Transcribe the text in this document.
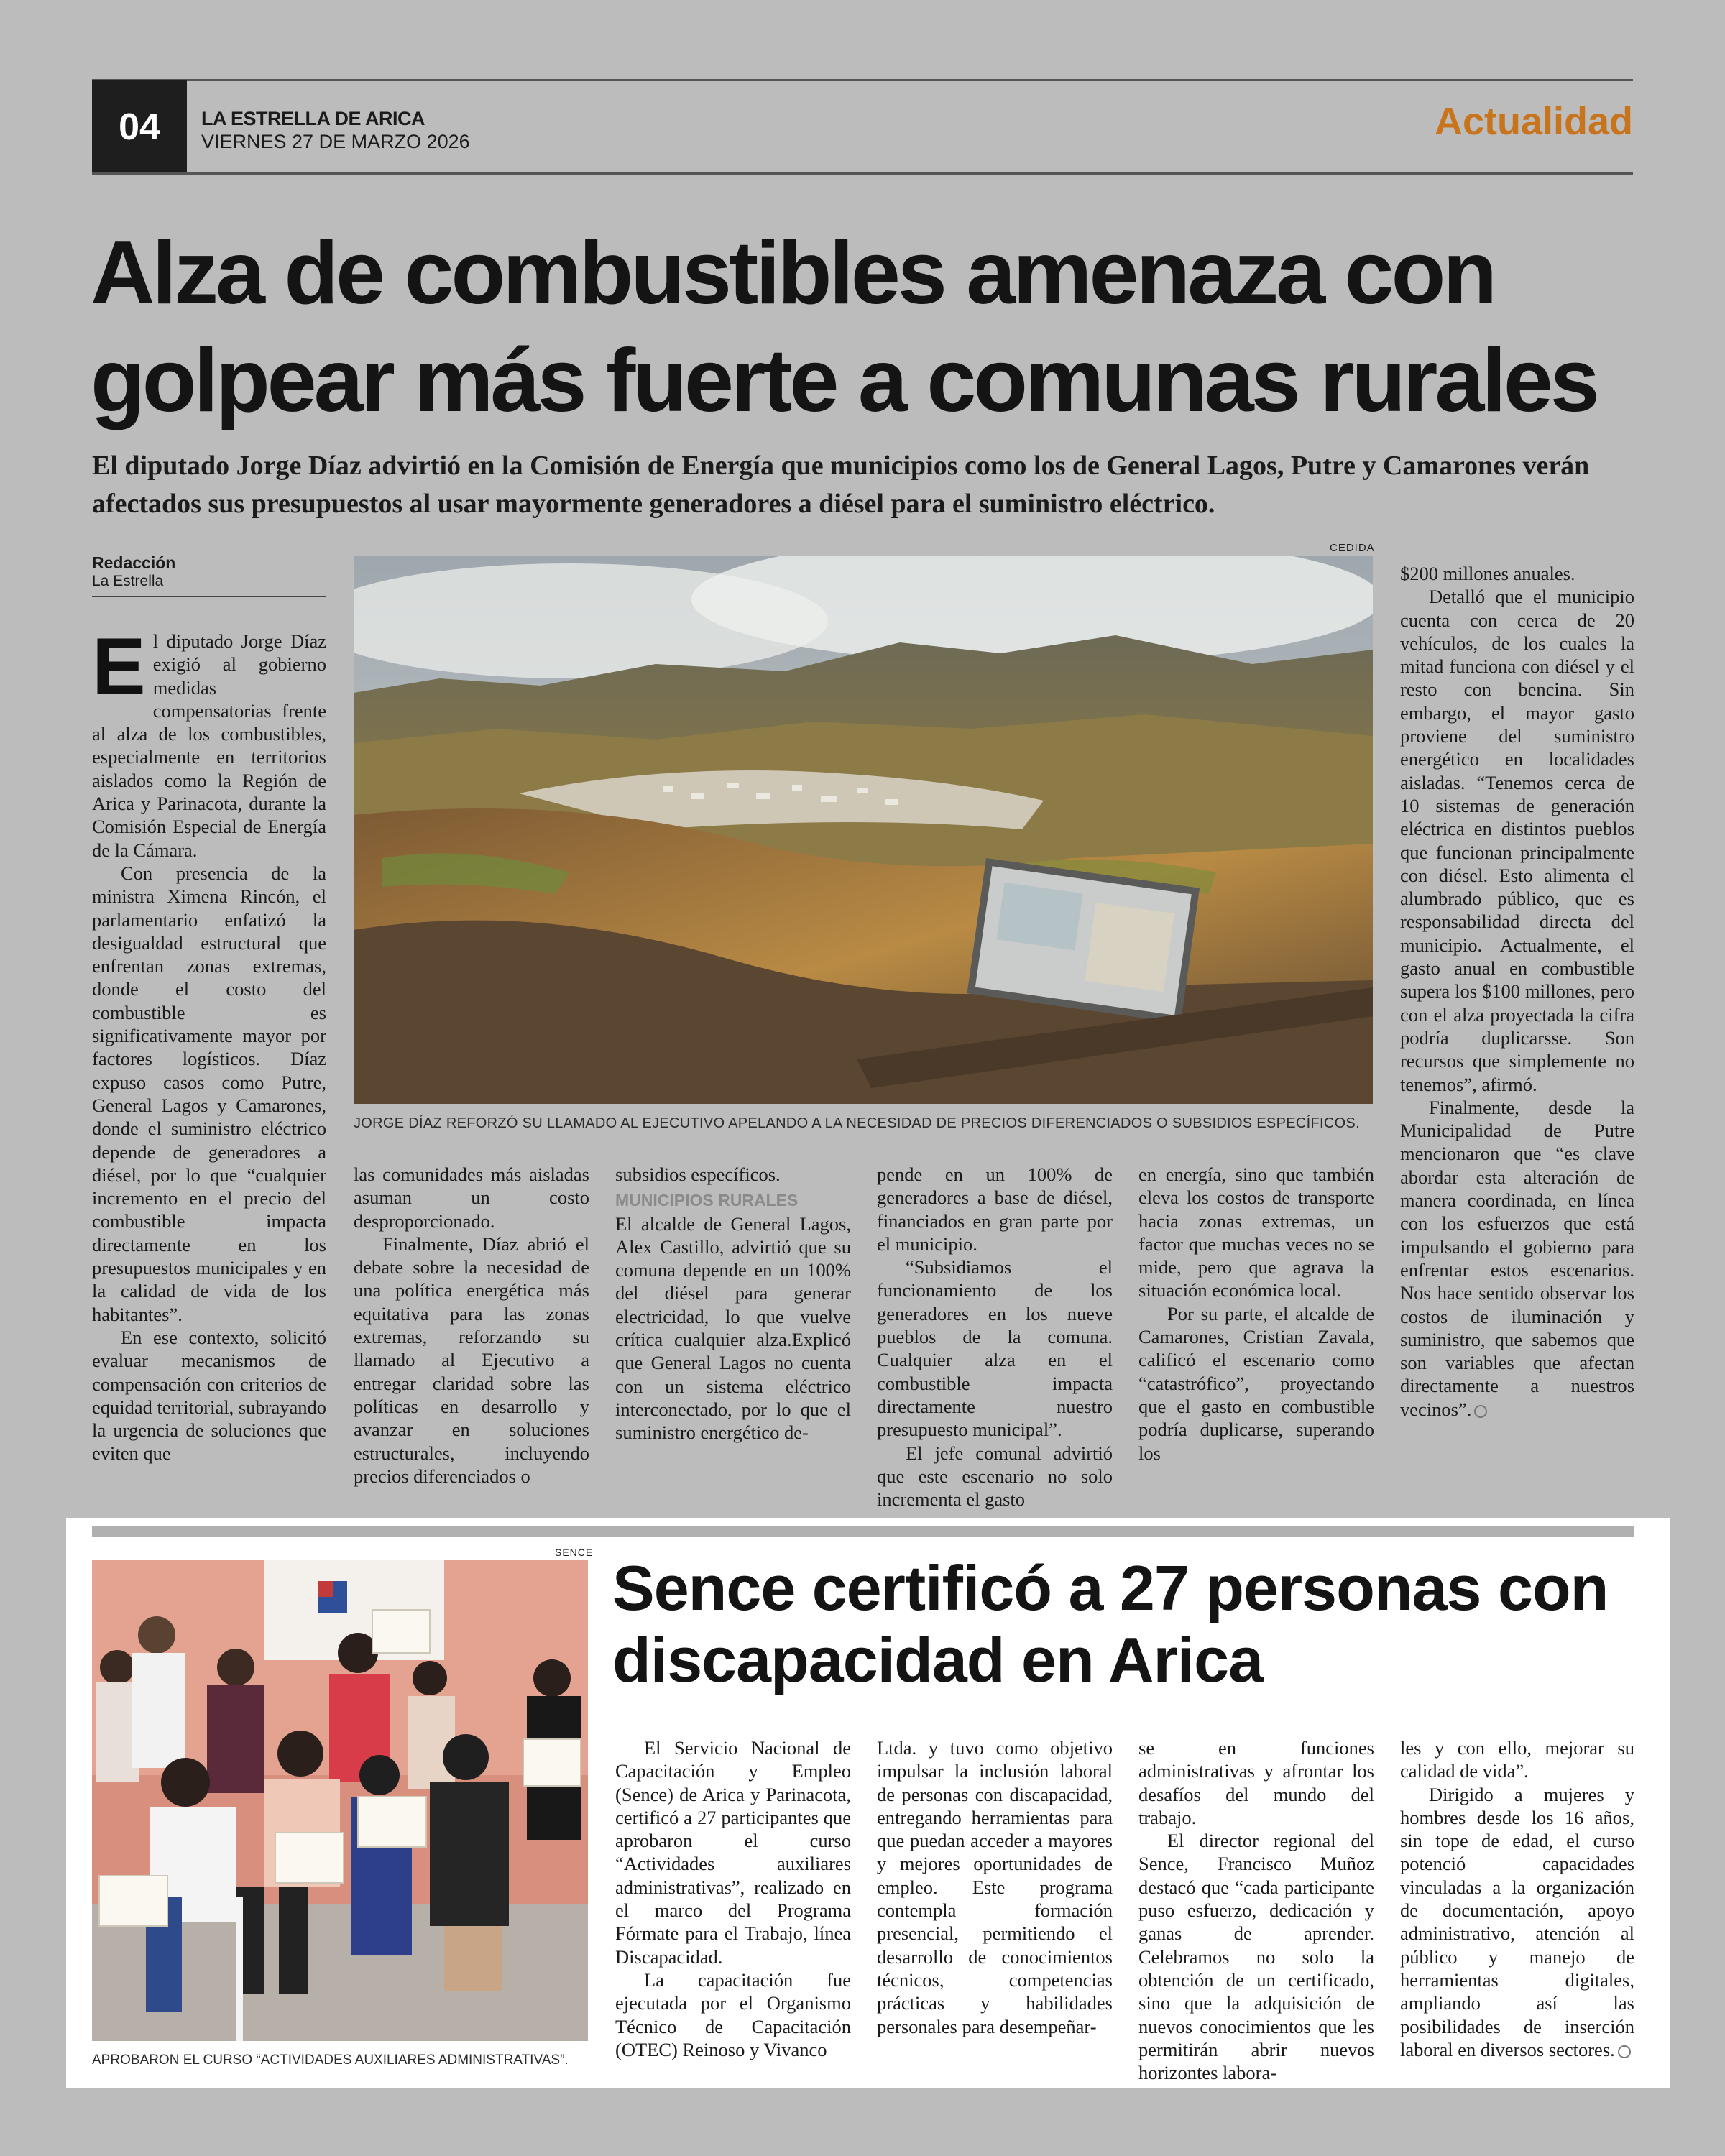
04	LA ESTRELLA DE ARICA
VIERNES 27 DE MARZO 2026	Actualidad
Alza de combustibles amenaza con
golpear más fuerte a comunas rurales

El diputado Jorge Díaz advirtió en la Comisión de Energía que municipios como los de General Lagos, Putre y Camarones verán afectados sus presupuestos al usar mayormente generadores a diésel para el suministro eléctrico.

Redacción
La Estrella
CEDIDA
JORGE DÍAZ REFORZÓ SU LLAMADO AL EJECUTIVO APELANDO A LA NECESIDAD DE PRECIOS DIFERENCIADOS O SUBSIDIOS ESPECÍFICOS.

El diputado Jorge Díaz exigió al gobierno medidas compensatorias frente al alza de los combustibles, especialmente en territorios aislados como la Región de Arica y Parinacota, durante la Comisión Especial de Energía de la Cámara.

Con presencia de la ministra Ximena Rincón, el parlamentario enfatizó la desigualdad estructural que enfrentan zonas extremas, donde el costo del combustible es significativamente mayor por factores logísticos. Díaz expuso casos como Putre, General Lagos y Camarones, donde el suministro eléctrico depende de generadores a diésel, por lo que “cualquier incremento en el precio del combustible impacta directamente en los presupuestos municipales y en la calidad de vida de los habitantes”.

En ese contexto, solicitó evaluar mecanismos de compensación con criterios de equidad territorial, subrayando la urgencia de soluciones que eviten que

las comunidades más aisladas asuman un costo desproporcionado.

Finalmente, Díaz abrió el debate sobre la necesidad de una política energética más equitativa para las zonas extremas, reforzando su llamado al Ejecutivo a entregar claridad sobre las políticas en desarrollo y avanzar en soluciones estructurales, incluyendo precios diferenciados o

subsidios específicos.

MUNICIPIOS RURALES

El alcalde de General Lagos, Alex Castillo, advirtió que su comuna depende en un 100% del diésel para generar electricidad, lo que vuelve crítica cualquier alza.Explicó que General Lagos no cuenta con un sistema eléctrico interconectado, por lo que el suministro energético de-

pende en un 100% de generadores a base de diésel, financiados en gran parte por el municipio.

“Subsidiamos el funcionamiento de los generadores en los nueve pueblos de la comuna. Cualquier alza en el combustible impacta directamente nuestro presupuesto municipal”.

El jefe comunal advirtió que este escenario no solo incrementa el gasto

en energía, sino que también eleva los costos de transporte hacia zonas extremas, un factor que muchas veces no se mide, pero que agrava la situación económica local.

Por su parte, el alcalde de Camarones, Cristian Zavala, calificó el escenario como “catastrófico”, proyectando que el gasto en combustible podría duplicarse, superando los

$200 millones anuales.

Detalló que el municipio cuenta con cerca de 20 vehículos, de los cuales la mitad funciona con diésel y el resto con bencina. Sin embargo, el mayor gasto proviene del suministro energético en localidades aisladas. “Tenemos cerca de 10 sistemas de generación eléctrica en distintos pueblos que funcionan principalmente con diésel. Esto alimenta el alumbrado público, que es responsabilidad directa del municipio. Actualmente, el gasto anual en combustible supera los $100 millones, pero con el alza proyectada la cifra podría duplicarsse. Son recursos que simplemente no tenemos”, afirmó.

Finalmente, desde la Municipalidad de Putre mencionaron que “es clave abordar esta alteración de manera coordinada, en línea con los esfuerzos que está impulsando el gobierno para enfrentar estos escenarios. Nos hace sentido observar los costos de iluminación y suministro, que sabemos que son variables que afectan directamente a nuestros vecinos”.

SENCE
APROBARON EL CURSO “ACTIVIDADES AUXILIARES ADMINISTRATIVAS”.
Sence certificó a 27 personas con
discapacidad en Arica

El Servicio Nacional de Capacitación y Empleo (Sence) de Arica y Parinacota, certificó a 27 participantes que aprobaron el curso “Actividades auxiliares administrativas”, realizado en el marco del Programa Fórmate para el Trabajo, línea Discapacidad.

La capacitación fue ejecutada por el Organismo Técnico de Capacitación (OTEC) Reinoso y Vivanco

Ltda. y tuvo como objetivo impulsar la inclusión laboral de personas con discapacidad, entregando herramientas para que puedan acceder a mayores y mejores oportunidades de empleo. Este programa contempla formación presencial, permitiendo el desarrollo de conocimientos técnicos, competencias prácticas y habilidades personales para desempeñar-

se en funciones administrativas y afrontar los desafíos del mundo del trabajo.

El director regional del Sence, Francisco Muñoz destacó que “cada participante puso esfuerzo, dedicación y ganas de aprender. Celebramos no solo la obtención de un certificado, sino que la adquisición de nuevos conocimientos que les permitirán abrir nuevos horizontes labora-

les y con ello, mejorar su calidad de vida”.

Dirigido a mujeres y hombres desde los 16 años, sin tope de edad, el curso potenció capacidades vinculadas a la organización de documentación, apoyo administrativo, atención al público y manejo de herramientas digitales, ampliando así las posibilidades de inserción laboral en diversos sectores.
